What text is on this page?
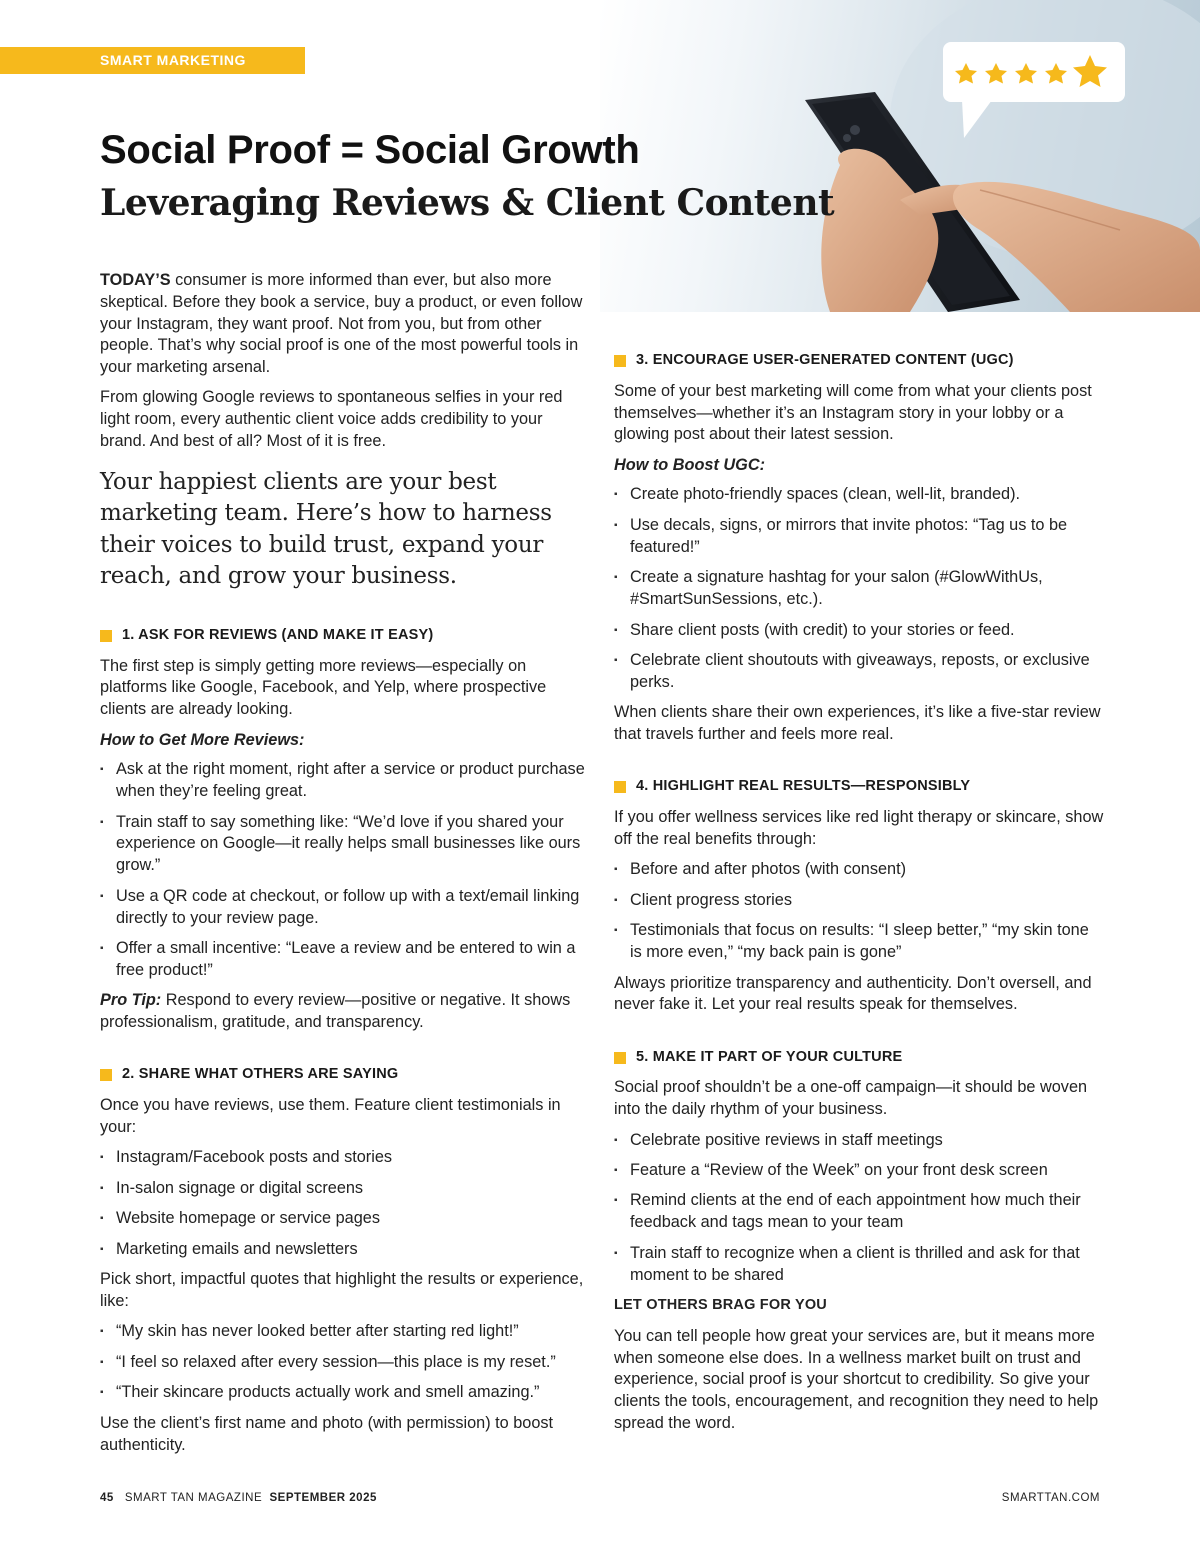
SMART MARKETING
Social Proof = Social Growth
Leveraging Reviews & Client Content

TODAY’S consumer is more informed than ever, but also more skeptical. Before they book a service, buy a product, or even follow your Instagram, they want proof. Not from you, but from other people. That’s why social proof is one of the most powerful tools in your marketing arsenal.

From glowing Google reviews to spontaneous selfies in your red light room, every authentic client voice adds credibility to your brand. And best of all? Most of it is free.

Your happiest clients are your best marketing team. Here’s how to harness their voices to build trust, expand your reach, and grow your business.

1. ASK FOR REVIEWS (AND MAKE IT EASY)

The first step is simply getting more reviews—especially on platforms like Google, Facebook, and Yelp, where prospective clients are already looking.

How to Get More Reviews:

▪ Ask at the right moment, right after a service or product purchase when they’re feeling great.
▪ Train staff to say something like: “We’d love if you shared your experience on Google—it really helps small businesses like ours grow.”
▪ Use a QR code at checkout, or follow up with a text/email linking directly to your review page.
▪ Offer a small incentive: “Leave a review and be entered to win a free product!”

Pro Tip: Respond to every review—positive or negative. It shows professionalism, gratitude, and transparency.

2. SHARE WHAT OTHERS ARE SAYING

Once you have reviews, use them. Feature client testimonials in your:

▪ Instagram/Facebook posts and stories
▪ In-salon signage or digital screens
▪ Website homepage or service pages
▪ Marketing emails and newsletters

Pick short, impactful quotes that highlight the results or experience, like:

▪ “My skin has never looked better after starting red light!”
▪ “I feel so relaxed after every session—this place is my reset.”
▪ “Their skincare products actually work and smell amazing.”

Use the client’s first name and photo (with permission) to boost authenticity.

3. ENCOURAGE USER-GENERATED CONTENT (UGC)

Some of your best marketing will come from what your clients post themselves—whether it’s an Instagram story in your lobby or a glowing post about their latest session.

How to Boost UGC:

▪ Create photo-friendly spaces (clean, well-lit, branded).
▪ Use decals, signs, or mirrors that invite photos: “Tag us to be featured!”
▪ Create a signature hashtag for your salon (#GlowWithUs, #SmartSunSessions, etc.).
▪ Share client posts (with credit) to your stories or feed.
▪ Celebrate client shoutouts with giveaways, reposts, or exclusive perks.

When clients share their own experiences, it’s like a five-star review that travels further and feels more real.

4. HIGHLIGHT REAL RESULTS—RESPONSIBLY

If you offer wellness services like red light therapy or skincare, show off the real benefits through:

▪ Before and after photos (with consent)
▪ Client progress stories
▪ Testimonials that focus on results: “I sleep better,” “my skin tone is more even,” “my back pain is gone”

Always prioritize transparency and authenticity. Don’t oversell, and never fake it. Let your real results speak for themselves.

5. MAKE IT PART OF YOUR CULTURE

Social proof shouldn’t be a one-off campaign—it should be woven into the daily rhythm of your business.

▪ Celebrate positive reviews in staff meetings
▪ Feature a “Review of the Week” on your front desk screen
▪ Remind clients at the end of each appointment how much their feedback and tags mean to your team
▪ Train staff to recognize when a client is thrilled and ask for that moment to be shared

LET OTHERS BRAG FOR YOU

You can tell people how great your services are, but it means more when someone else does. In a wellness market built on trust and experience, social proof is your shortcut to credibility. So give your clients the tools, encouragement, and recognition they need to help spread the word.

45 SMART TAN MAGAZINE SEPTEMBER 2025	SMARTTAN.COM
